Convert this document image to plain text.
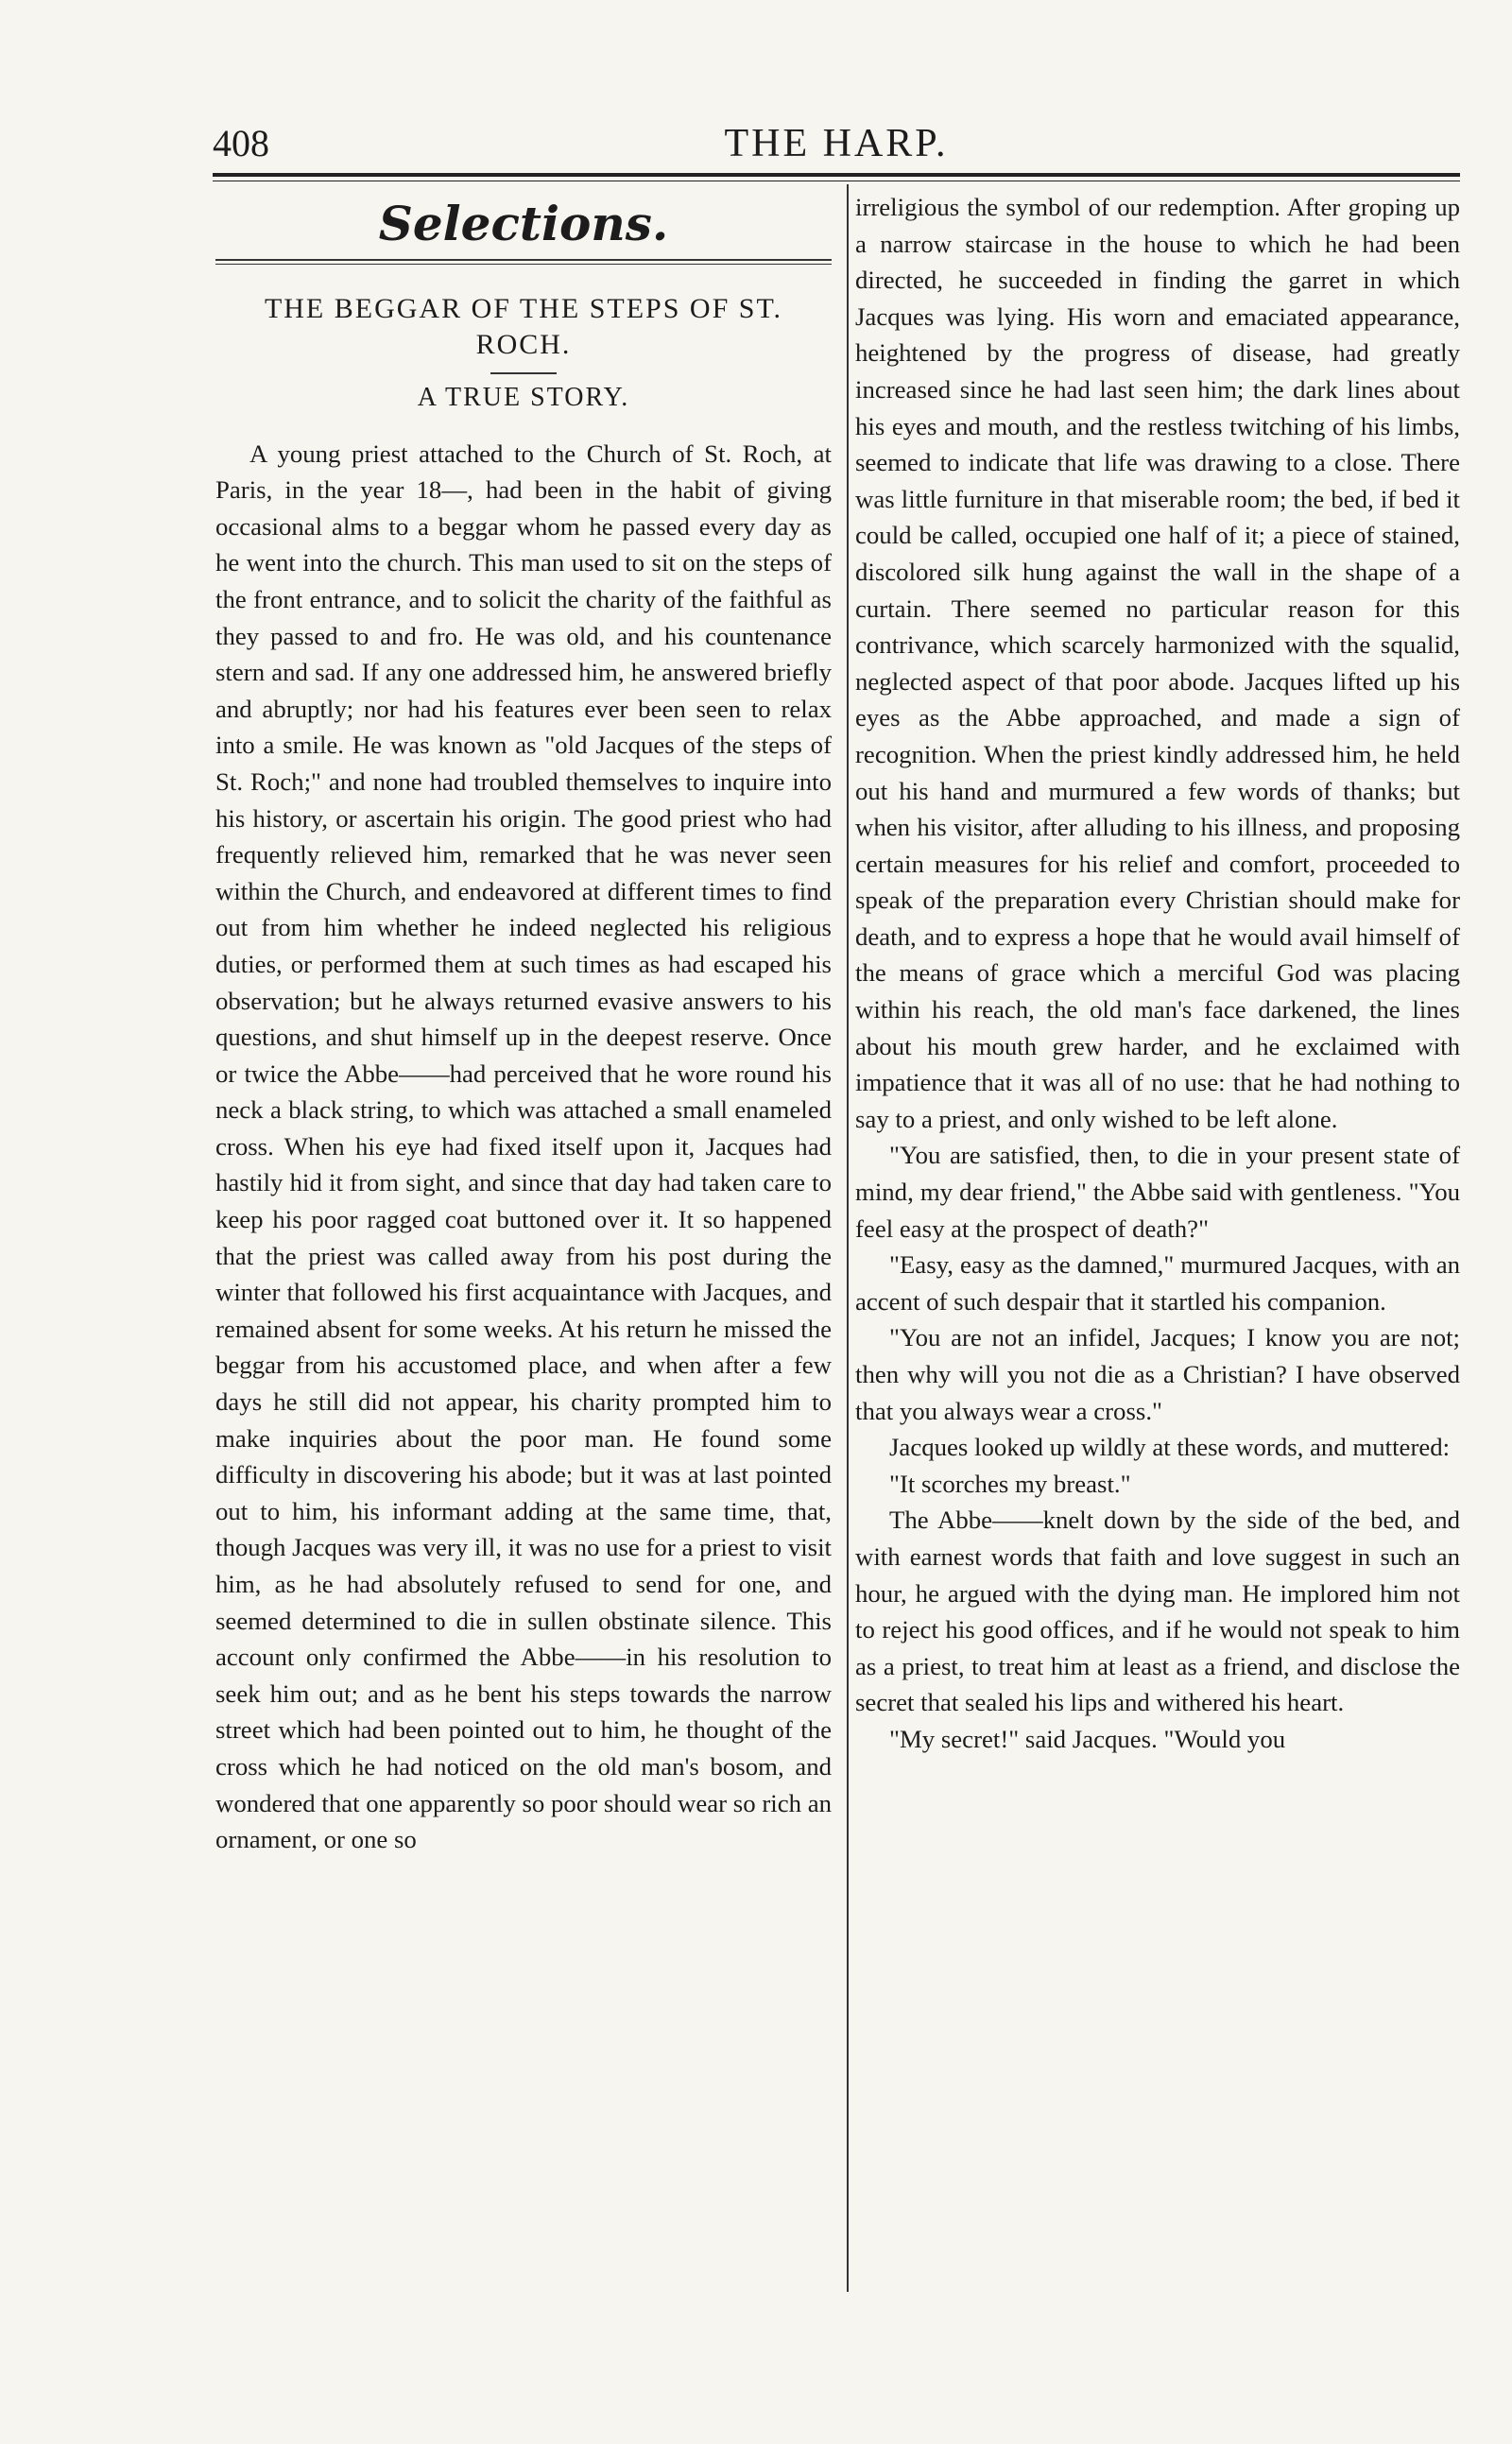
408	THE HARP.
Selections.
THE BEGGAR OF THE STEPS OF ST. ROCH.
A TRUE STORY.

A young priest attached to the Church of St. Roch, at Paris, in the year 18—, had been in the habit of giving occasional alms to a beggar whom he passed every day as he went into the church. This man used to sit on the steps of the front entrance, and to solicit the charity of the faithful as they passed to and fro. He was old, and his countenance stern and sad. If any one addressed him, he answered briefly and abruptly; nor had his features ever been seen to relax into a smile. He was known as "old Jacques of the steps of St. Roch;" and none had troubled themselves to inquire into his history, or ascertain his origin. The good priest who had frequently relieved him, remarked that he was never seen within the Church, and endeavored at different times to find out from him whether he indeed neglected his religious duties, or performed them at such times as had escaped his observation; but he always returned evasive answers to his questions, and shut himself up in the deepest reserve. Once or twice the Abbe——had perceived that he wore round his neck a black string, to which was attached a small enameled cross. When his eye had fixed itself upon it, Jacques had hastily hid it from sight, and since that day had taken care to keep his poor ragged coat buttoned over it. It so happened that the priest was called away from his post during the winter that followed his first acquaintance with Jacques, and remained absent for some weeks. At his return he missed the beggar from his accustomed place, and when after a few days he still did not appear, his charity prompted him to make inquiries about the poor man. He found some difficulty in discovering his abode; but it was at last pointed out to him, his informant adding at the same time, that, though Jacques was very ill, it was no use for a priest to visit him, as he had absolutely refused to send for one, and seemed determined to die in sullen obstinate silence. This account only confirmed the Abbe——in his resolution to seek him out; and as he bent his steps towards the narrow street which had been pointed out to him, he thought of the cross which he had noticed on the old man's bosom, and wondered that one apparently so poor should wear so rich an ornament, or one so

irreligious the symbol of our redemption. After groping up a narrow staircase in the house to which he had been directed, he succeeded in finding the garret in which Jacques was lying. His worn and emaciated appearance, heightened by the progress of disease, had greatly increased since he had last seen him; the dark lines about his eyes and mouth, and the restless twitching of his limbs, seemed to indicate that life was drawing to a close. There was little furniture in that miserable room; the bed, if bed it could be called, occupied one half of it; a piece of stained, discolored silk hung against the wall in the shape of a curtain. There seemed no particular reason for this contrivance, which scarcely harmonized with the squalid, neglected aspect of that poor abode. Jacques lifted up his eyes as the Abbe approached, and made a sign of recognition. When the priest kindly addressed him, he held out his hand and murmured a few words of thanks; but when his visitor, after alluding to his illness, and proposing certain measures for his relief and comfort, proceeded to speak of the preparation every Christian should make for death, and to express a hope that he would avail himself of the means of grace which a merciful God was placing within his reach, the old man's face darkened, the lines about his mouth grew harder, and he exclaimed with impatience that it was all of no use: that he had nothing to say to a priest, and only wished to be left alone.

"You are satisfied, then, to die in your present state of mind, my dear friend," the Abbe said with gentleness. "You feel easy at the prospect of death?"

"Easy, easy as the damned," murmured Jacques, with an accent of such despair that it startled his companion.

"You are not an infidel, Jacques; I know you are not; then why will you not die as a Christian? I have observed that you always wear a cross."

Jacques looked up wildly at these words, and muttered:

"It scorches my breast."

The Abbe——knelt down by the side of the bed, and with earnest words that faith and love suggest in such an hour, he argued with the dying man. He implored him not to reject his good offices, and if he would not speak to him as a priest, to treat him at least as a friend, and disclose the secret that sealed his lips and withered his heart.

"My secret!" said Jacques. "Would you
